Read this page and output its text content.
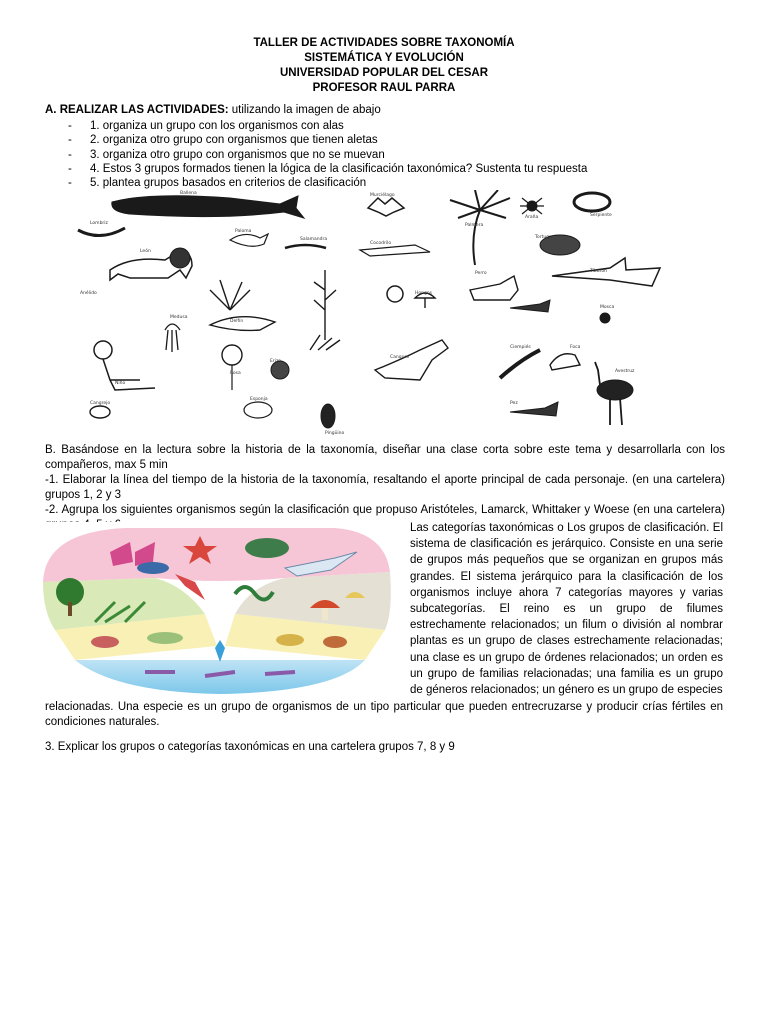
TALLER DE ACTIVIDADES SOBRE TAXONOMÍA
SISTEMÁTICA Y EVOLUCIÓN
UNIVERSIDAD POPULAR DEL CESAR
PROFESOR RAUL PARRA
A. REALIZAR LAS ACTIVIDADES: utilizando la imagen de abajo
- 1. organiza un grupo con los organismos con alas
- 2. organiza otro grupo con organismos que tienen aletas
- 3. organiza otro grupo con organismos que no se muevan
- 4. Estos 3 grupos formados tienen la lógica de la clasificación taxonómica? Sustenta tu respuesta
- 5. plantea grupos basados en criterios de clasificación
Ballena
Lombriz
Murciélago
Palmera
Araña	Serpiente
León
Paloma
Salamandra
Cocodrilo
Tortuga
Tiburón
Anélido	Hongos
Perro
Mosca
Delfín
Medusa
Erizo
Niño
Rosa
Canguro
Pingüino
Ciempiés	Foca
Avestruz
Pez
Cangrejo
Esponja

B. Basándose en la lectura sobre la historia de la taxonomía, diseñar una clase corta sobre este tema y desarrollarla con los compañeros, max 5 min

-1. Elaborar la línea del tiempo de la historia de la taxonomía, resaltando el aporte principal de cada personaje. (en una cartelera) grupos 1, 2 y 3

-2. Agrupa los siguientes organismos según la clasificación que propuso Aristóteles, Lamarck, Whittaker y Woese (en una cartelera)

Las categorías taxonómicas o Los grupos de clasificación. El sistema de clasificación es jerárquico. Consiste en una serie de grupos más pequeños que se organizan en grupos más grandes. El sistema jerárquico para la clasificación de los organismos incluye ahora 7 categorías mayores y varias subcategorías. El reino es un grupo de filumes estrechamente relacionados; un filum o división al nombrar plantas es un grupo de clases estrechamente relacionadas; una clase es un grupo de órdenes relacionados; un orden es un grupo de familias relacionadas; una familia es un grupo de géneros relacionados; un género es un grupo de especies
relacionadas. Una especie es un grupo de organismos de un tipo particular que pueden entrecruzarse y producir crías fértiles en condiciones naturales.
3. Explicar los grupos o categorías taxonómicas en una cartelera grupos 7, 8 y 9
